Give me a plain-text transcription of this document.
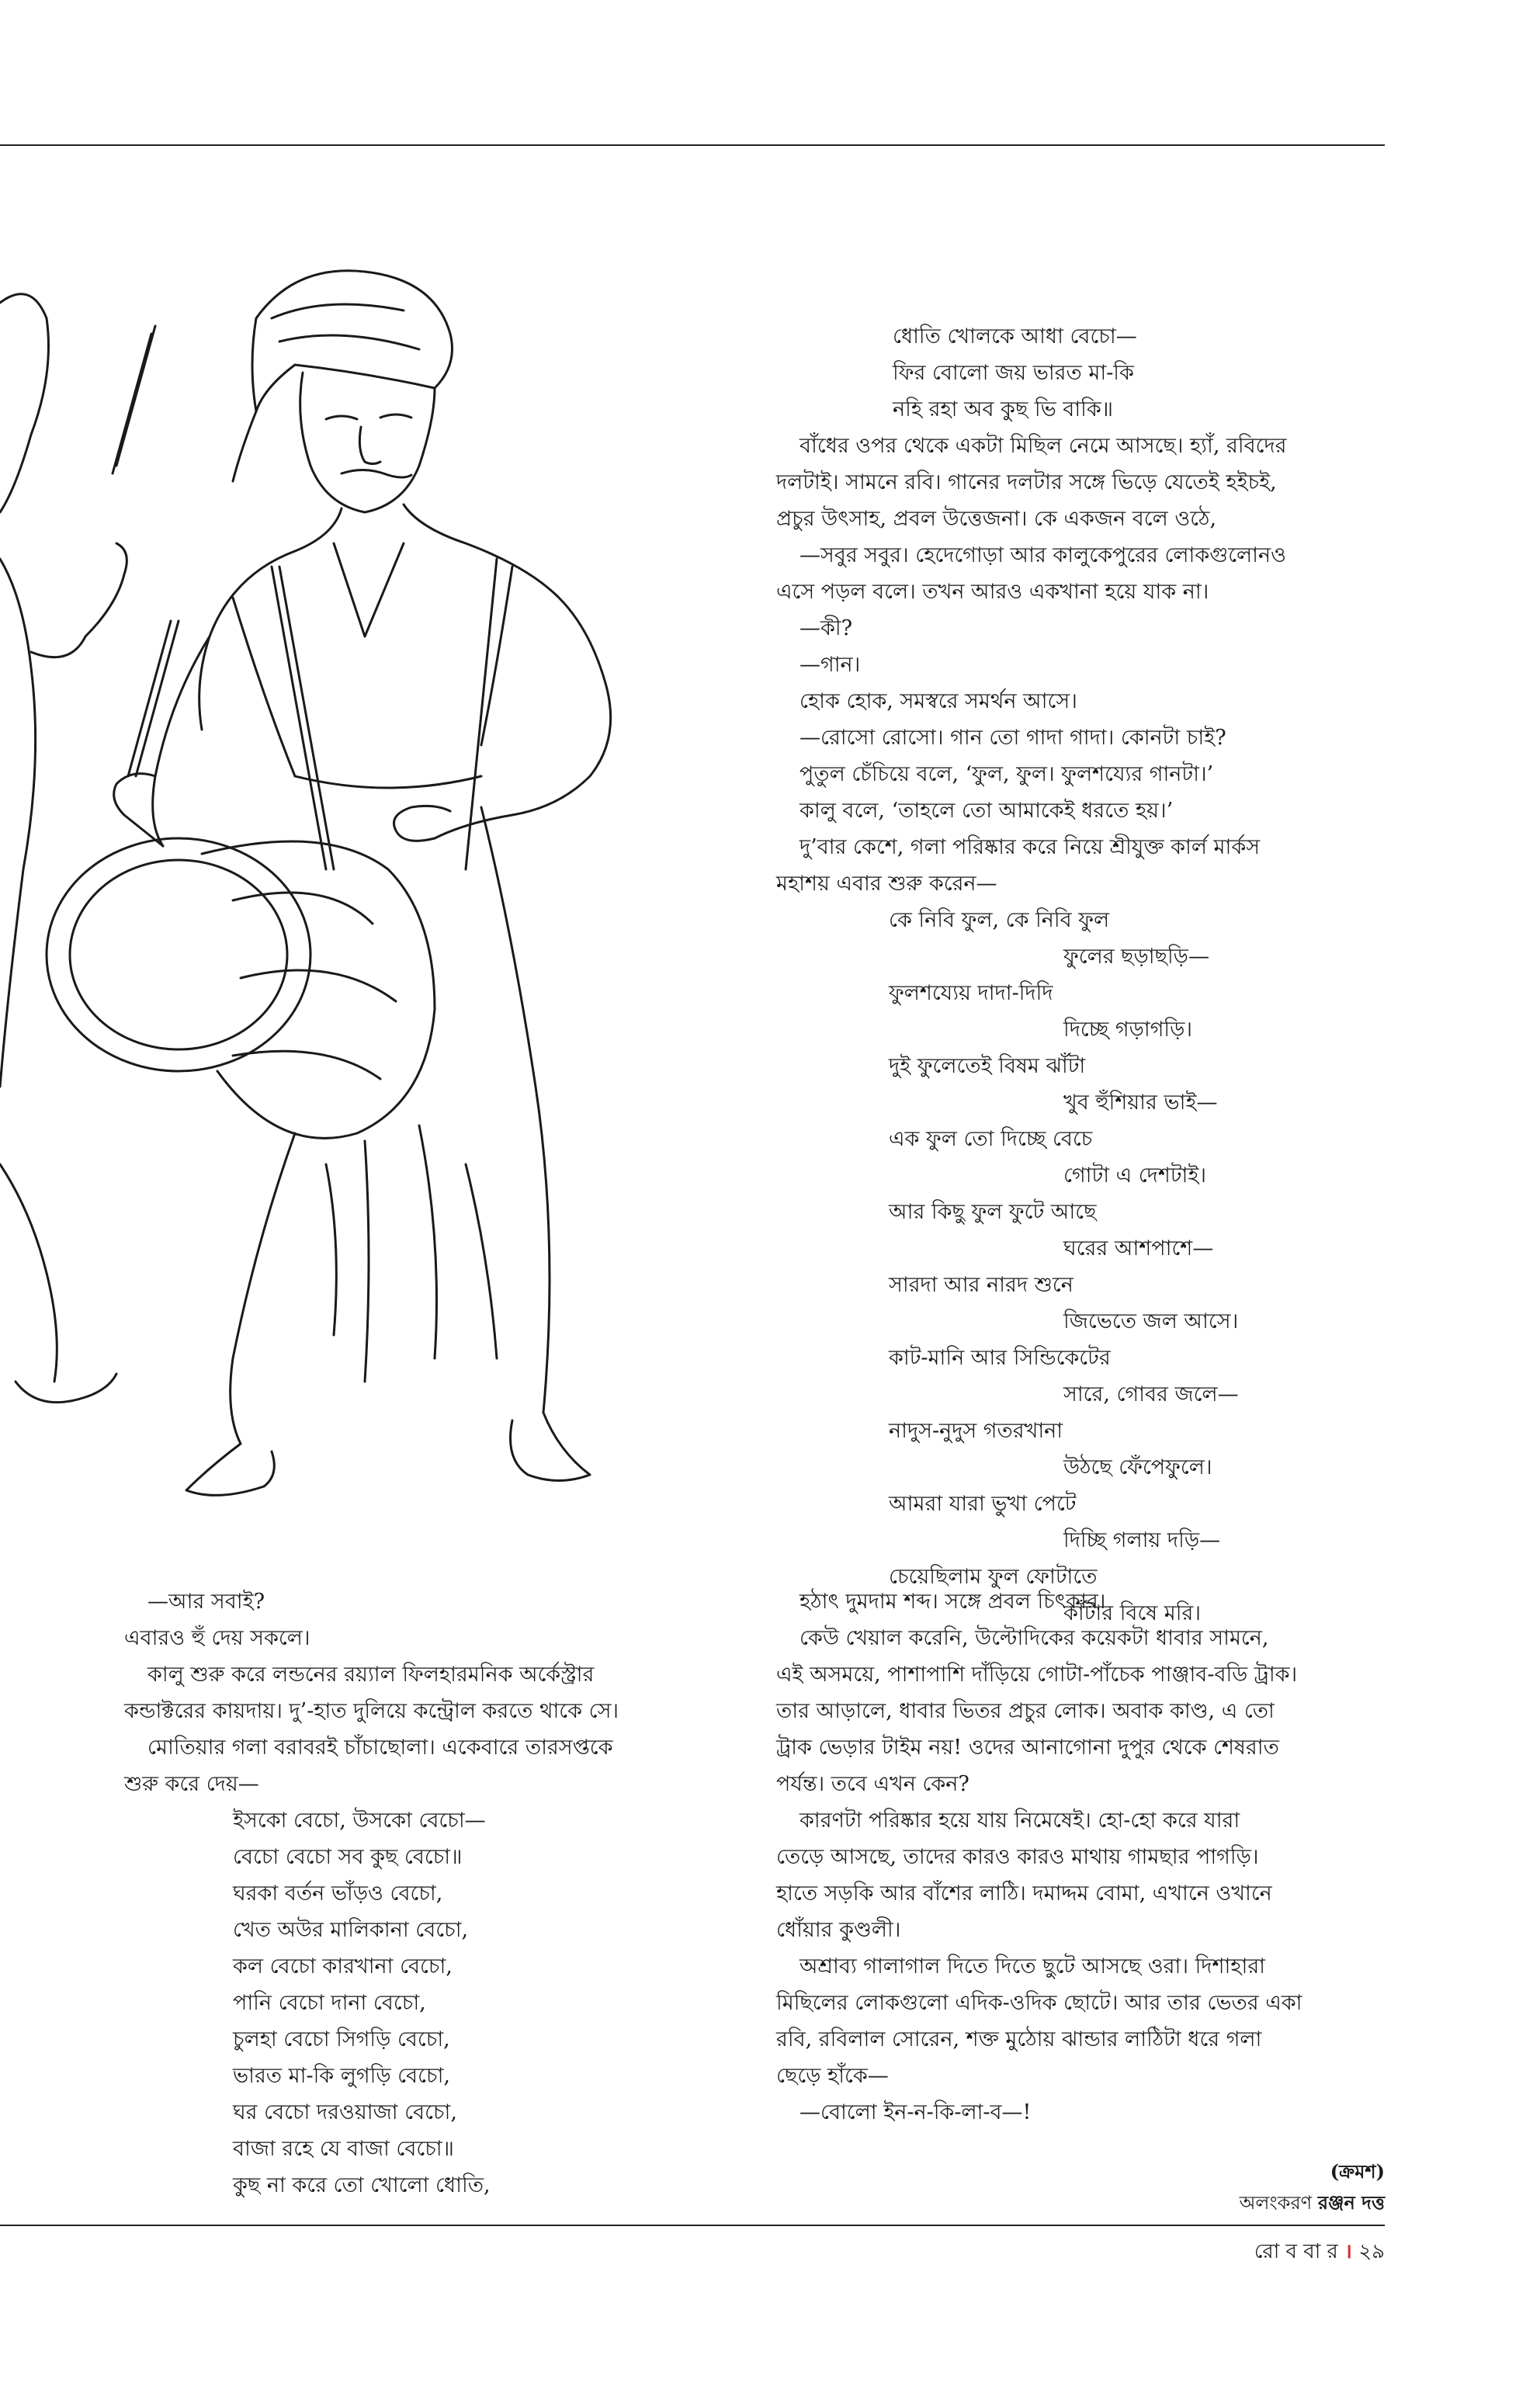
ধোতি খোলকে আধা বেচো—
ফির বোলো জয় ভারত মা-কি
নহি রহা অব কুছ ভি বাকি॥
বাঁধের ওপর থেকে একটা মিছিল নেমে আসছে। হ্যাঁ, রবিদের
দলটাই। সামনে রবি। গানের দলটার সঙ্গে ভিড়ে যেতেই হইচই,
প্রচুর উৎসাহ, প্রবল উত্তেজনা। কে একজন বলে ওঠে,
—সবুর সবুর। হেদেগোড়া আর কালুকেপুরের লোকগুলোনও
এসে পড়ল বলে। তখন আরও একখানা হয়ে যাক না।
—কী?
—গান।
হোক হোক, সমস্বরে সমর্থন আসে।
—রোসো রোসো। গান তো গাদা গাদা। কোনটা চাই?
পুতুল চেঁচিয়ে বলে, ‘ফুল, ফুল। ফুলশয্যের গানটা।’
কালু বলে, ‘তাহলে তো আমাকেই ধরতে হয়।’
দু’বার কেশে, গলা পরিষ্কার করে নিয়ে শ্রীযুক্ত কার্ল মার্কস
মহাশয় এবার শুরু করেন—
কে নিবি ফুল, কে নিবি ফুল
ফুলের ছড়াছড়ি—
ফুলশয্যেয় দাদা-দিদি
দিচ্ছে গড়াগড়ি।
দুই ফুলেতেই বিষম ঝাঁটা
খুব হুঁশিয়ার ভাই—
এক ফুল তো দিচ্ছে বেচে
গোটা এ দেশটাই।
আর কিছু ফুল ফুটে আছে
ঘরের আশপাশে—
সারদা আর নারদ শুনে
জিভেতে জল আসে।
কাট-মানি আর সিন্ডিকেটের
সারে, গোবর জলে—
নাদুস-নুদুস গতরখানা
উঠছে ফেঁপেফুলে।
আমরা যারা ভুখা পেটে
দিচ্ছি গলায় দড়ি—
চেয়েছিলাম ফুল ফোটাতে
কাঁটার বিষে মরি।
—আর সবাই?
এবারও হুঁ দেয় সকলে।
কালু শুরু করে লন্ডনের রয়্যাল ফিলহারমনিক অর্কেস্ট্রার
কন্ডাক্টরের কায়দায়। দু’-হাত দুলিয়ে কন্ট্রোল করতে থাকে সে।
মোতিয়ার গলা বরাবরই চাঁচাছোলা। একেবারে তারসপ্তকে
শুরু করে দেয়—
ইসকো বেচো, উসকো বেচো—
বেচো বেচো সব কুছ বেচো॥
ঘরকা বর্তন ভাঁড়ও বেচো,
খেত অউর মালিকানা বেচো,
কল বেচো কারখানা বেচো,
পানি বেচো দানা বেচো,
চুলহা বেচো সিগড়ি বেচো,
ভারত মা-কি লুগড়ি বেচো,
ঘর বেচো দরওয়াজা বেচো,
বাজা রহে যে বাজা বেচো॥
কুছ না করে তো খোলো ধোতি,
হঠাৎ দুমদাম শব্দ। সঙ্গে প্রবল চিৎকার।
কেউ খেয়াল করেনি, উল্টোদিকের কয়েকটা ধাবার সামনে,
এই অসময়ে, পাশাপাশি দাঁড়িয়ে গোটা-পাঁচেক পাঞ্জাব-বডি ট্রাক।
তার আড়ালে, ধাবার ভিতর প্রচুর লোক। অবাক কাণ্ড, এ তো
ট্রাক ভেড়ার টাইম নয়! ওদের আনাগোনা দুপুর থেকে শেষরাত
পর্যন্ত। তবে এখন কেন?
কারণটা পরিষ্কার হয়ে যায় নিমেষেই। হো-হো করে যারা
তেড়ে আসছে, তাদের কারও কারও মাথায় গামছার পাগড়ি।
হাতে সড়কি আর বাঁশের লাঠি। দমাদ্দম বোমা, এখানে ওখানে
ধোঁয়ার কুণ্ডলী।
অশ্রাব্য গালাগাল দিতে দিতে ছুটে আসছে ওরা। দিশাহারা
মিছিলের লোকগুলো এদিক-ওদিক ছোটে। আর তার ভেতর একা
রবি, রবিলাল সোরেন, শক্ত মুঠোয় ঝান্ডার লাঠিটা ধরে গলা
ছেড়ে হাঁকে—
—বোলো ইন-ন-কি-লা-ব—!
(ক্রমশ)
অলংকরণ রঞ্জন দত্ত
রো ব বা র । ২৯
